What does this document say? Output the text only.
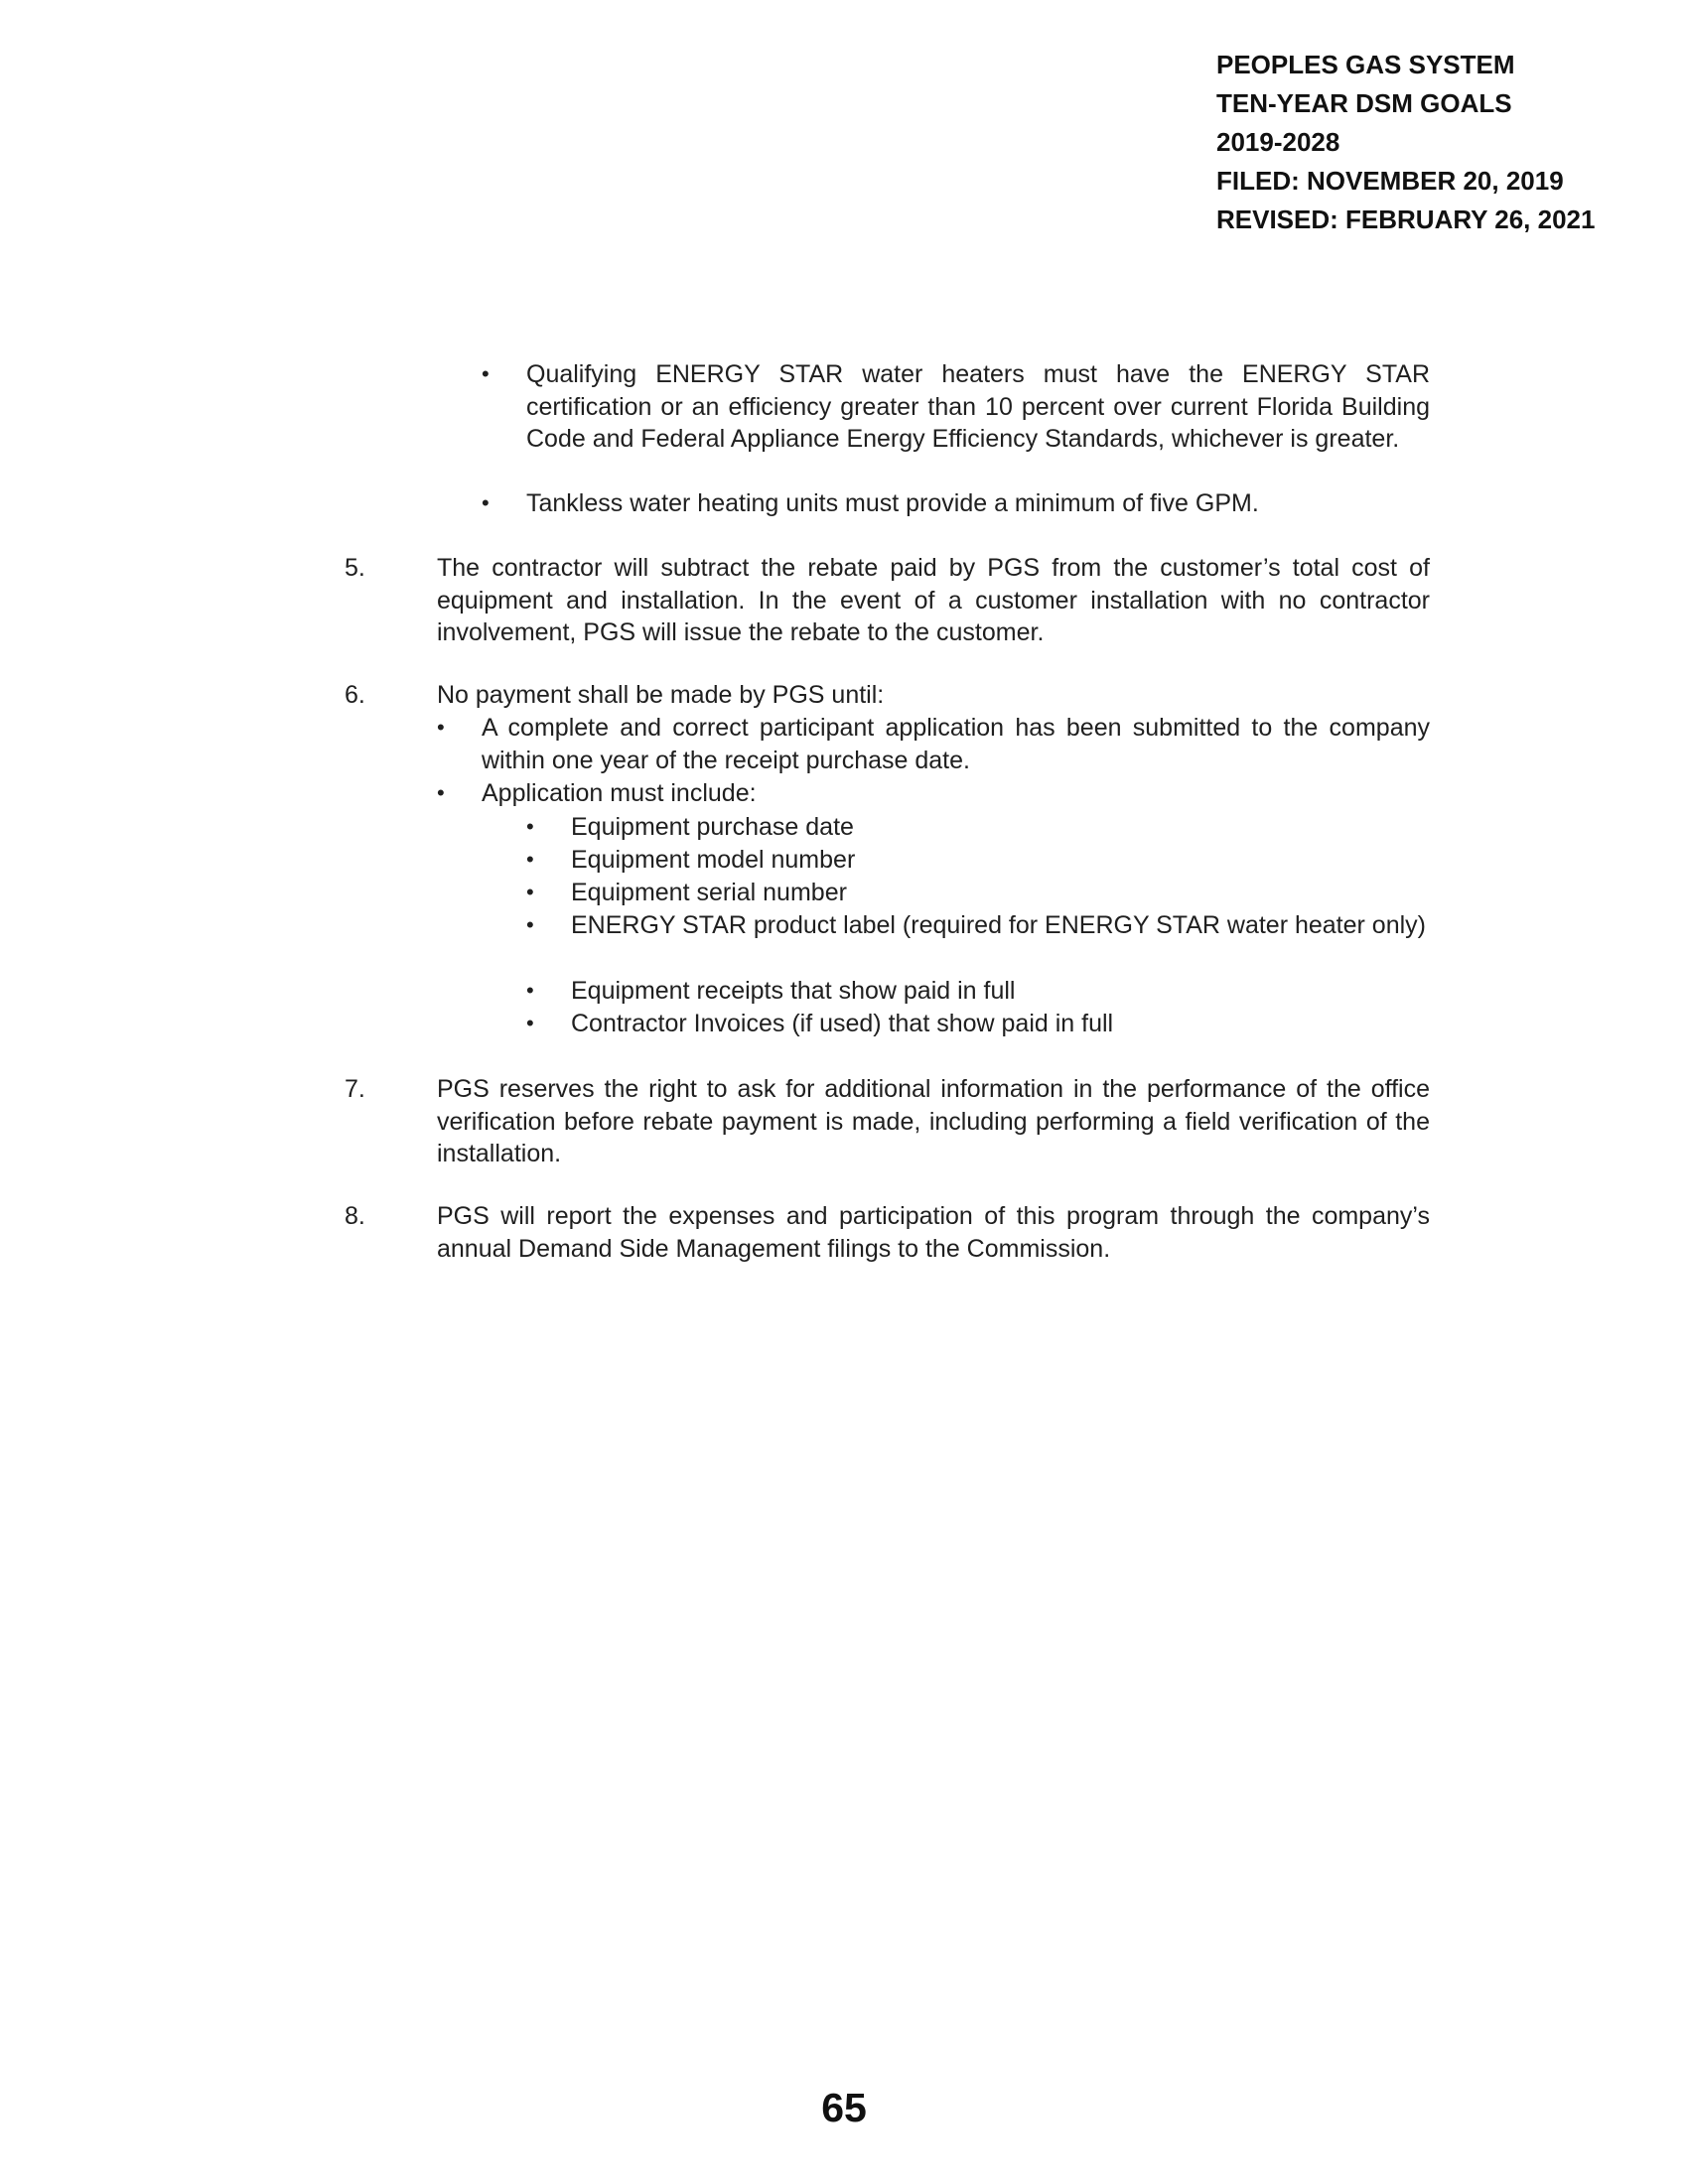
PEOPLES GAS SYSTEM
TEN-YEAR DSM GOALS
2019-2028
FILED: NOVEMBER 20, 2019
REVISED: FEBRUARY 26, 2021
• Qualifying ENERGY STAR water heaters must have the ENERGY STAR certification or an efficiency greater than 10 percent over current Florida Building Code and Federal Appliance Energy Efficiency Standards, whichever is greater.
• Tankless water heating units must provide a minimum of five GPM.
5.	The contractor will subtract the rebate paid by PGS from the customer’s total cost of equipment and installation. In the event of a customer installation with no contractor involvement, PGS will issue the rebate to the customer.
6.	No payment shall be made by PGS until:
• A complete and correct participant application has been submitted to the company within one year of the receipt purchase date.
• Application must include:
• Equipment purchase date
• Equipment model number
• Equipment serial number
• ENERGY STAR product label (required for ENERGY STAR water heater only)
• Equipment receipts that show paid in full
• Contractor Invoices (if used) that show paid in full
7.	PGS reserves the right to ask for additional information in the performance of the office verification before rebate payment is made, including performing a field verification of the installation.
8.	PGS will report the expenses and participation of this program through the company’s annual Demand Side Management filings to the Commission.
65
